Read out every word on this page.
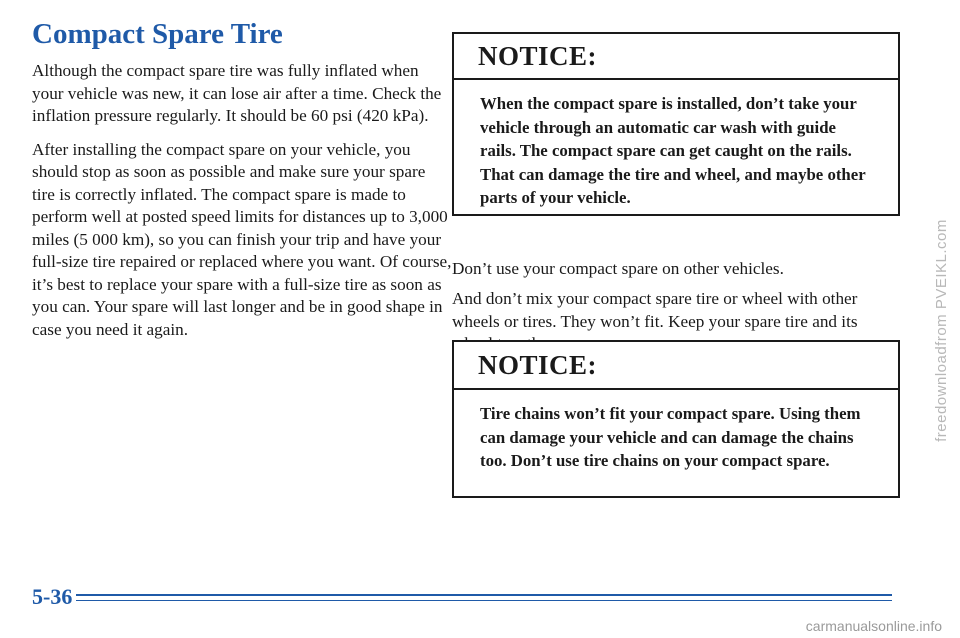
Compact Spare Tire

Although the compact spare tire was fully inflated when your vehicle was new, it can lose air after a time. Check the inflation pressure regularly. It should be 60 psi (420 kPa).

After installing the compact spare on your vehicle, you should stop as soon as possible and make sure your spare tire is correctly inflated. The compact spare is made to perform well at posted speed limits for distances up to 3,000 miles (5 000 km), so you can finish your trip and have your full-size tire repaired or replaced where you want. Of course, it’s best to replace your spare with a full-size tire as soon as you can. Your spare will last longer and be in good shape in case you need it again.

NOTICE:
When the compact spare is installed, don’t take your vehicle through an automatic car wash with guide rails. The compact spare can get caught on the rails. That can damage the tire and wheel, and maybe other parts of your vehicle.

Don’t use your compact spare on other vehicles.

And don’t mix your compact spare tire or wheel with other wheels or tires. They won’t fit. Keep your spare tire and its

NOTICE:
Tire chains won’t fit your compact spare. Using them can damage your vehicle and can damage the chains too. Don’t use tire chains on your compact spare.
5-36
freedownloadfrom PVEIKL.com
carmanualsonline.info
